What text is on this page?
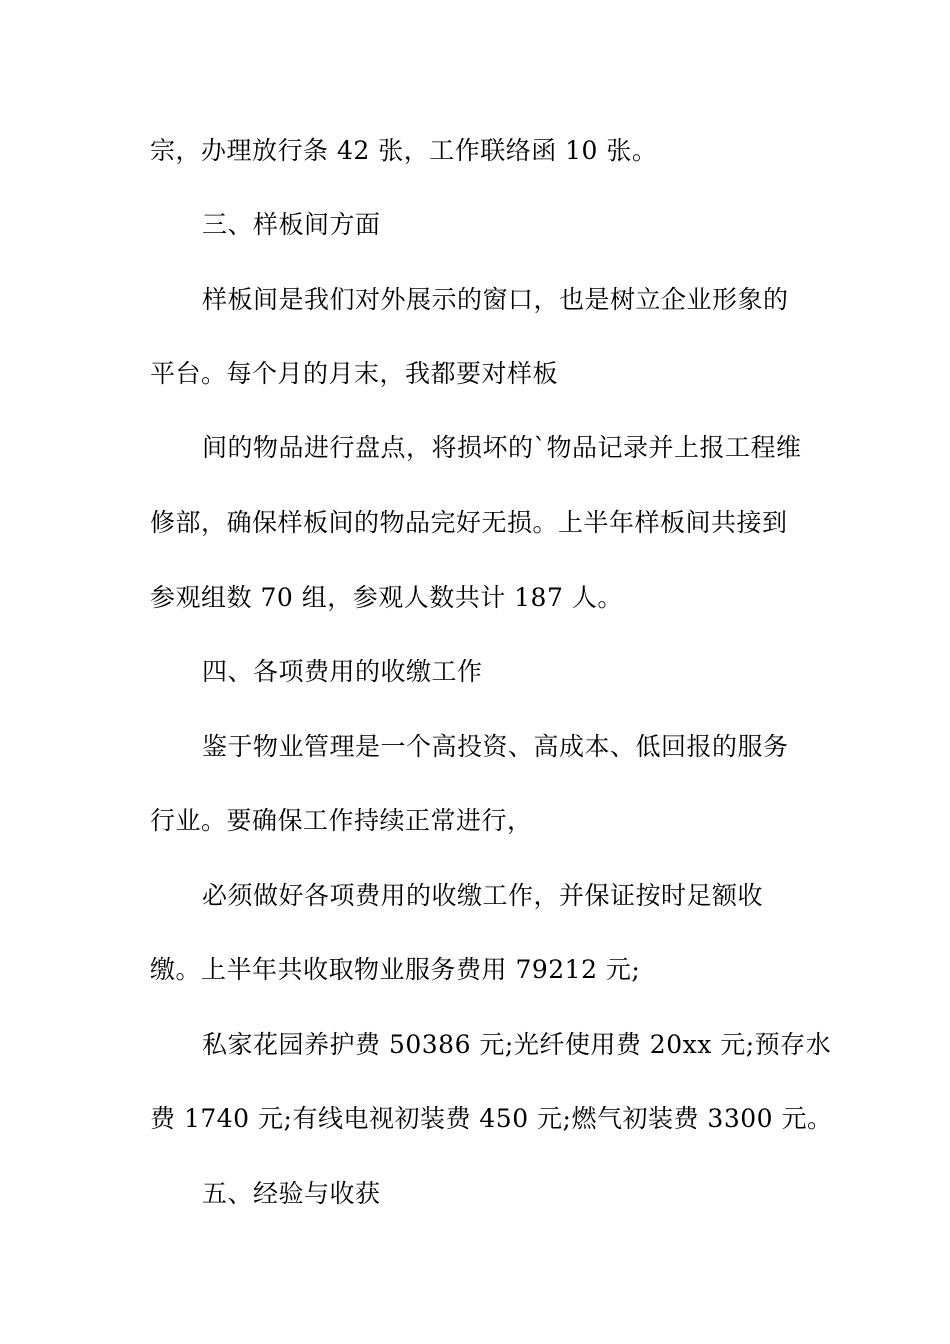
宗，办理放行条 42 张，工作联络函 10 张。
三、样板间方面
样板间是我们对外展示的窗口，也是树立企业形象的
平台。每个月的月末，我都要对样板
间的物品进行盘点，将损坏的`物品记录并上报工程维
修部，确保样板间的物品完好无损。上半年样板间共接到
参观组数 70 组，参观人数共计 187 人。
四、各项费用的收缴工作
鉴于物业管理是一个高投资、高成本、低回报的服务
行业。要确保工作持续正常进行，
必须做好各项费用的收缴工作，并保证按时足额收
缴。上半年共收取物业服务费用 79212 元;
私家花园养护费 50386 元;光纤使用费 20xx 元;预存水
费 1740 元;有线电视初装费 450 元;燃气初装费 3300 元。
五、经验与收获
